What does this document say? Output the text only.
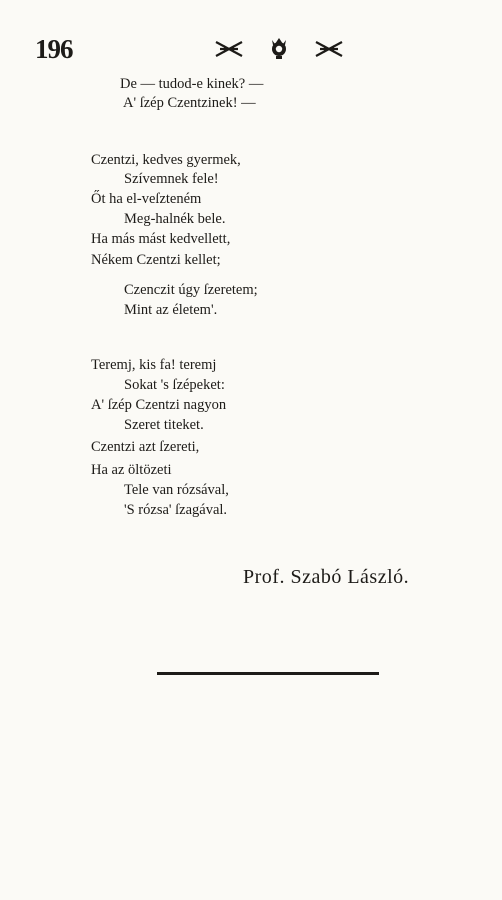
196
De — tudod-e kinek? —
A' ſzép Czentzinek! —
Czentzi, kedves gyermek,
Szívemnek fele!
Őt ha el-veſzteném
Meg-halnék bele.
Ha más mást kedvellett,
Nékem Czentzi kellet;
Czenczit úgy ſzeretem;
Mint az életem'.
Teremj, kis fa! teremj
Sokat 's ſzépeket:
A' ſzép Czentzi nagyon
Szeret titeket.
Czentzi azt ſzereti,
Ha az öltözeti
Tele van rózsával,
'S rózsa' ſzagával.
Prof. Szabó László.
